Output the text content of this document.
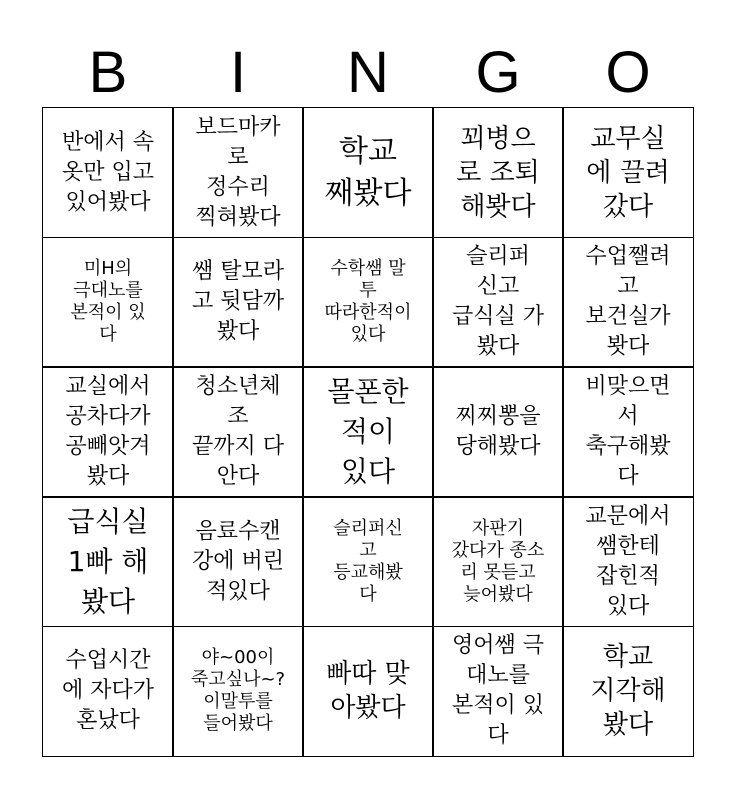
B	I	N	G	O
반에서 속
옷만 입고
있어봤다
보드마카
로
정수리
찍혀봤다
학교
째봤다
꾀병으
로 조퇴
해봣다
교무실
에 끌려
갔다
미H의
극대노를
본적이 있
다
쌤 탈모라
고 뒷담까
봤다
수학쌤 말
투
따라한적이
있다
슬리퍼
신고
급식실 가
봤다
수업쨀려
고
보건실가
봣다
교실에서
공차다가
공빼앗겨
봤다
청소년체
조
끝까지 다
안다
몰폰한
적이
있다
찌찌뽕을
당해봤다
비맞으면
서
축구해봤
다
급식실
1빠 해
봤다
음료수캔
강에 버린
적있다
슬리퍼신
고
등교해봤
다
자판기
갔다가 종소
리 못듣고
늦어봤다
교문에서
쌤한테
잡힌적
있다
수업시간
에 자다가
혼났다
야~00이
죽고싶나~?
이말투를
들어봤다
빠따 맞
아봤다
영어쌤 극
대노를
본적이 있
다
학교
지각해
봤다
